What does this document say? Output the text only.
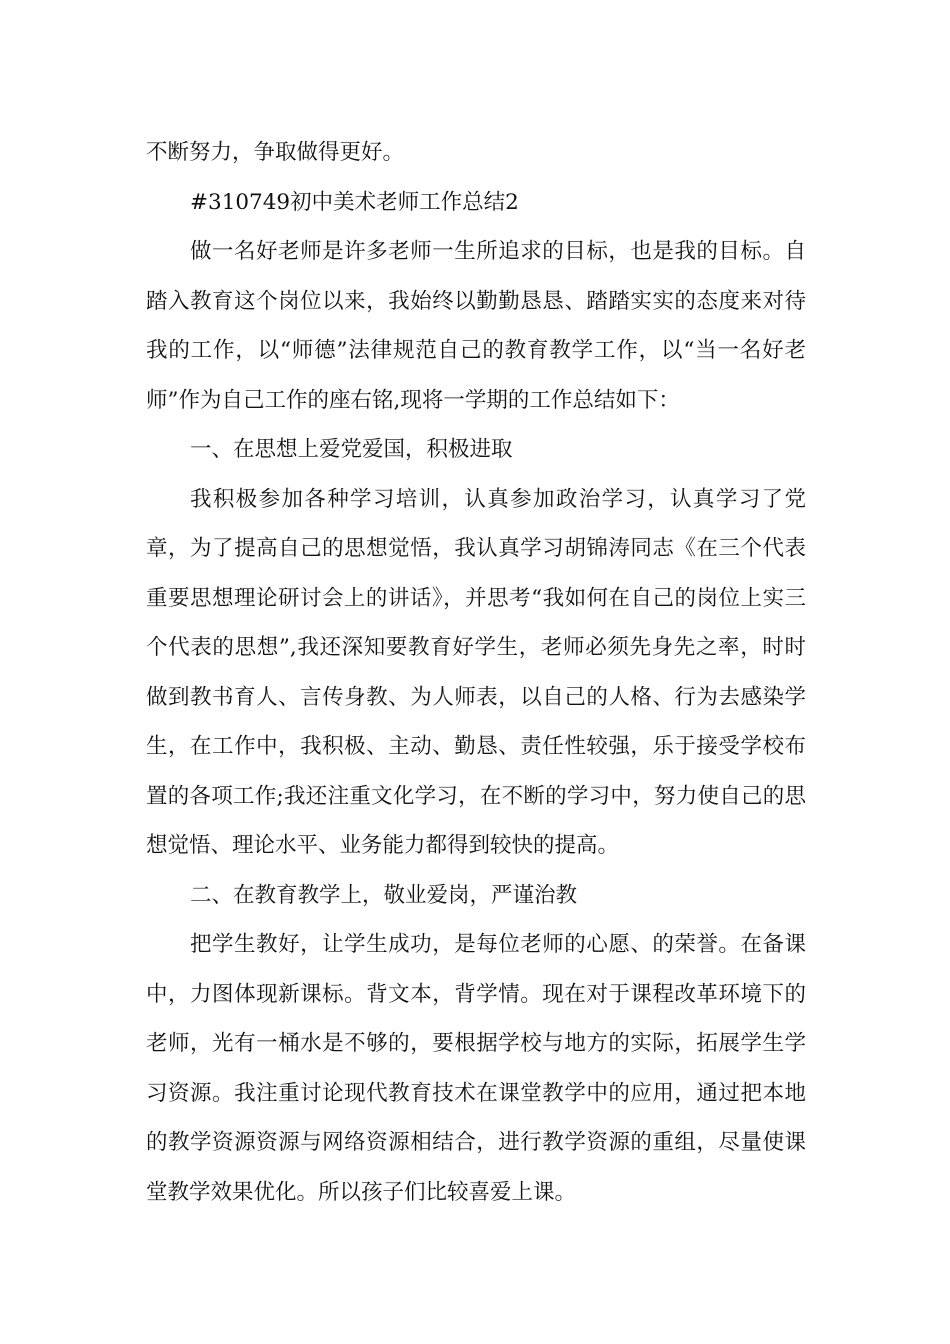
不断努力，争取做得更好。

#310749初中美术老师工作总结2

做一名好老师是许多老师一生所追求的目标，也是我的目标。自踏入教育这个岗位以来，我始终以勤勤恳恳、踏踏实实的态度来对待我的工作，以“师德”法律规范自己的教育教学工作，以“当一名好老师”作为自己工作的座右铭,现将一学期的工作总结如下：

一、在思想上爱党爱国，积极进取

我积极参加各种学习培训，认真参加政治学习，认真学习了党章，为了提高自己的思想觉悟，我认真学习胡锦涛同志《在三个代表重要思想理论研讨会上的讲话》，并思考“我如何在自己的岗位上实三个代表的思想”,我还深知要教育好学生，老师必须先身先之率，时时做到教书育人、言传身教、为人师表，以自己的人格、行为去感染学生，在工作中，我积极、主动、勤恳、责任性较强，乐于接受学校布置的各项工作;我还注重文化学习，在不断的学习中，努力使自己的思想觉悟、理论水平、业务能力都得到较快的提高。

二、在教育教学上，敬业爱岗，严谨治教

把学生教好，让学生成功，是每位老师的心愿、的荣誉。在备课中，力图体现新课标。背文本，背学情。现在对于课程改革环境下的老师，光有一桶水是不够的，要根据学校与地方的实际，拓展学生学习资源。我注重讨论现代教育技术在课堂教学中的应用，通过把本地的教学资源资源与网络资源相结合，进行教学资源的重组，尽量使课堂教学效果优化。所以孩子们比较喜爱上课。
